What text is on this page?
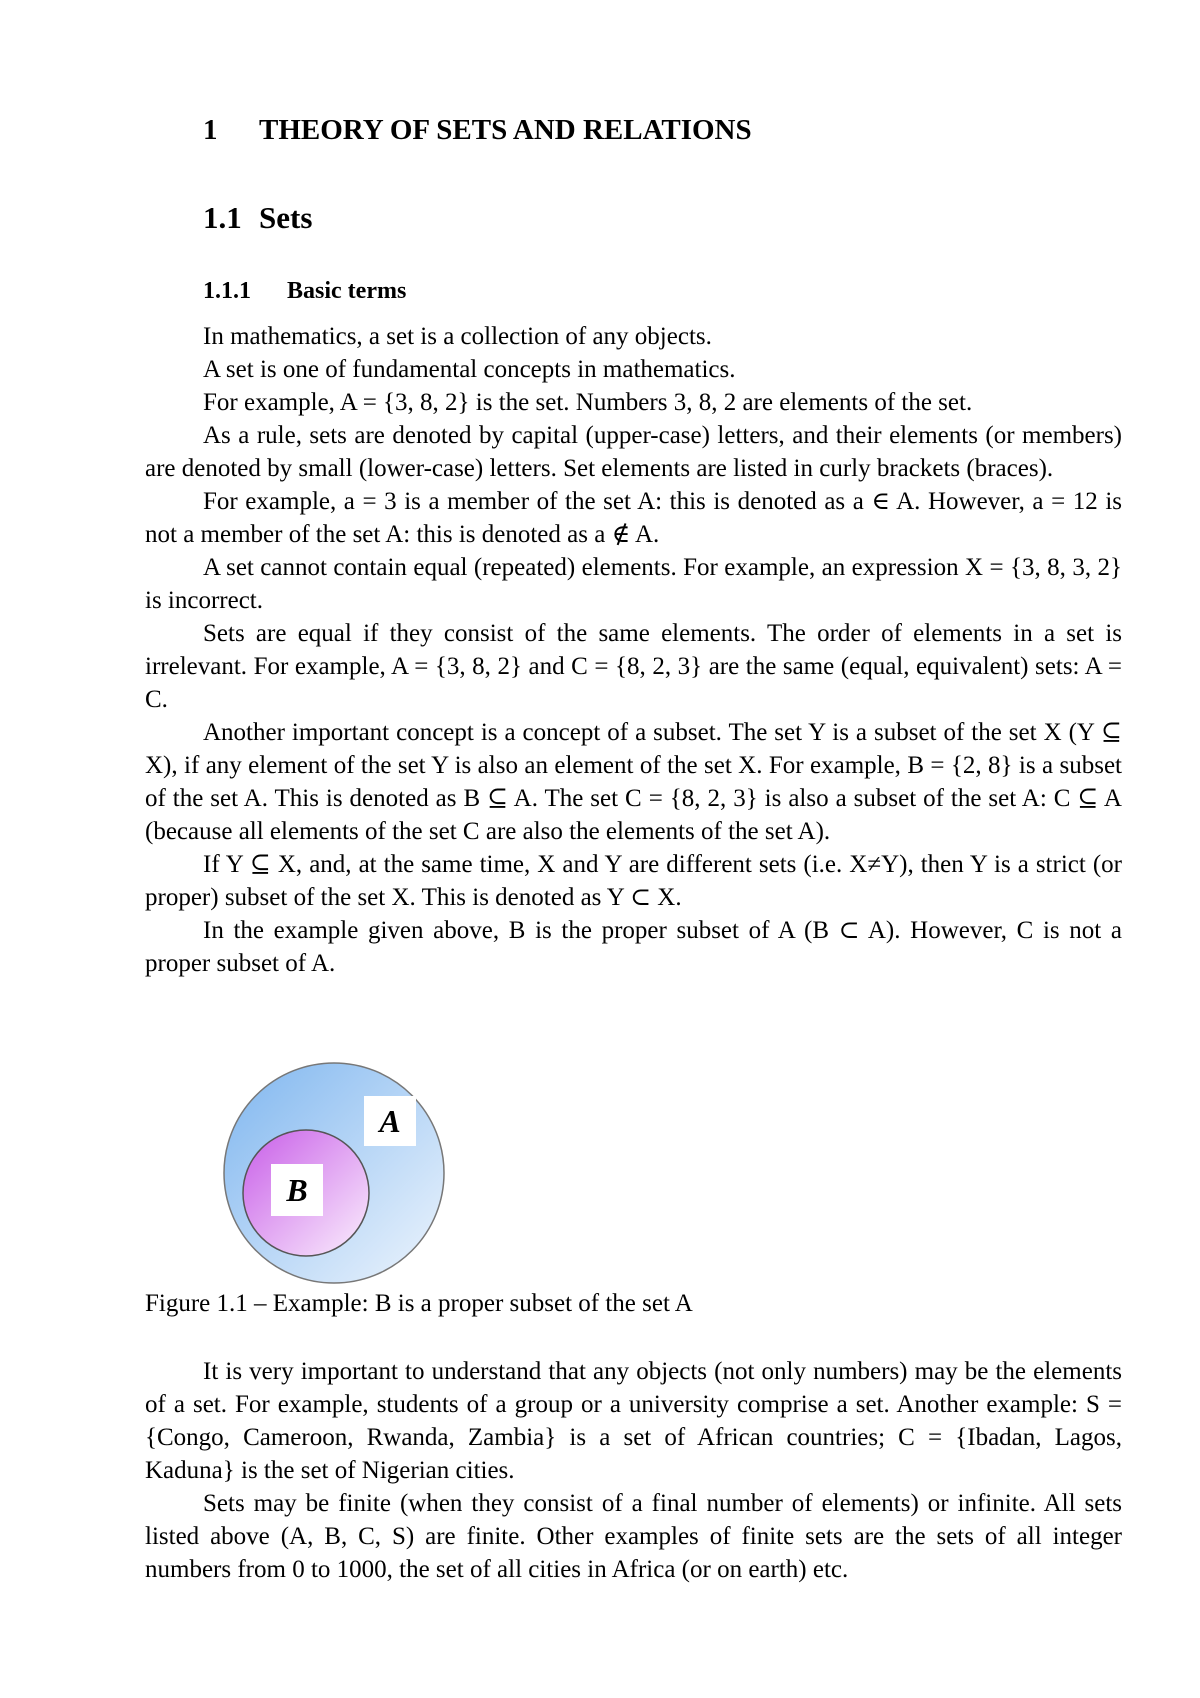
1 THEORY OF SETS AND RELATIONS
1.1 Sets
1.1.1 Basic terms

In mathematics, a set is a collection of any objects.

A set is one of fundamental concepts in mathematics.

For example, A = {3, 8, 2} is the set. Numbers 3, 8, 2 are elements of the set.

As a rule, sets are denoted by capital (upper-case) letters, and their elements (or members) are denoted by small (lower-case) letters. Set elements are listed in curly brackets (braces).

For example, a = 3 is a member of the set A: this is denoted as a ∈ A. However, a = 12 is not a member of the set A: this is denoted as a ∉ A.

A set cannot contain equal (repeated) elements. For example, an expression X = {3, 8, 3, 2} is incorrect.

Sets are equal if they consist of the same elements. The order of elements in a set is irrelevant. For example, A = {3, 8, 2} and C = {8, 2, 3} are the same (equal, equivalent) sets: A = C.

Another important concept is a concept of a subset. The set Y is a subset of the set X (Y ⊆ X), if any element of the set Y is also an element of the set X. For example, B = {2, 8} is a subset of the set A. This is denoted as B ⊆ A. The set C = {8, 2, 3} is also a subset of the set A: C ⊆ A (because all elements of the set C are also the elements of the set A).

If Y ⊆ X, and, at the same time, X and Y are different sets (i.e. X≠Y), then Y is a strict (or proper) subset of the set X. This is denoted as Y ⊂ X.

In the example given above, B is the proper subset of A (B ⊂ A). However, C is not a proper subset of A.

A
B
Figure 1.1 – Example: B is a proper subset of the set A

It is very important to understand that any objects (not only numbers) may be the elements of a set. For example, students of a group or a university comprise a set. Another example: S = {Congo, Cameroon, Rwanda, Zambia} is a set of African countries; C = {Ibadan, Lagos, Kaduna} is the set of Nigerian cities.

Sets may be finite (when they consist of a final number of elements) or infinite. All sets listed above (A, B, C, S) are finite. Other examples of finite sets are the sets of all integer numbers from 0 to 1000, the set of all cities in Africa (or on earth) etc.
